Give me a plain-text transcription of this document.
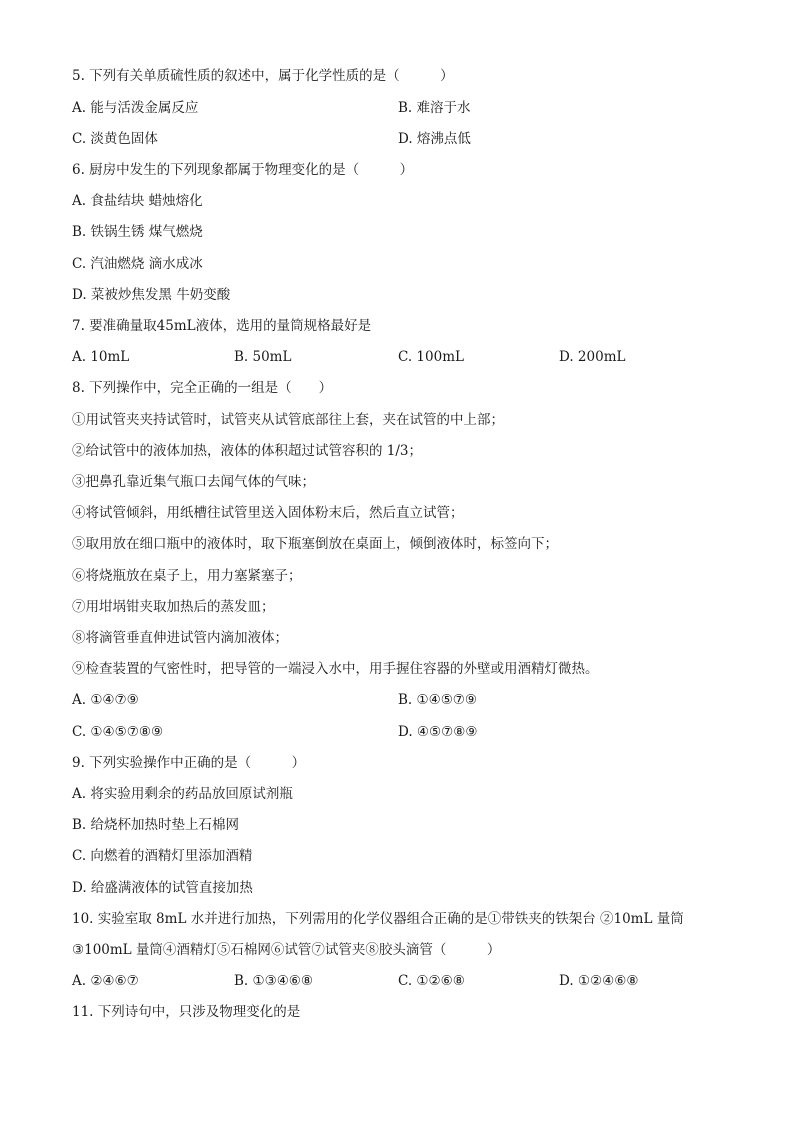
5. 下列有关单质硫性质的叙述中，属于化学性质的是（　　　）
A. 能与活泼金属反应	B. 难溶于水
C. 淡黄色固体	D. 熔沸点低
6. 厨房中发生的下列现象都属于物理变化的是（　　　）
A. 食盐结块 蜡烛熔化
B. 铁锅生锈 煤气燃烧
C. 汽油燃烧 滴水成冰
D. 菜被炒焦发黑 牛奶变酸
7. 要准确量取45mL液体，选用的量筒规格最好是
A. 10mL	B. 50mL	C. 100mL	D. 200mL
8. 下列操作中，完全正确的一组是（　　）
①用试管夹夹持试管时，试管夹从试管底部往上套，夹在试管的中上部；
②给试管中的液体加热，液体的体积超过试管容积的 1/3；
③把鼻孔靠近集气瓶口去闻气体的气味；
④将试管倾斜，用纸槽往试管里送入固体粉末后，然后直立试管；
⑤取用放在细口瓶中的液体时，取下瓶塞倒放在桌面上，倾倒液体时，标签向下；
⑥将烧瓶放在桌子上，用力塞紧塞子；
⑦用坩埚钳夹取加热后的蒸发皿；
⑧将滴管垂直伸进试管内滴加液体；
⑨检查装置的气密性时，把导管的一端浸入水中，用手握住容器的外壁或用酒精灯微热。
A. ①④⑦⑨	B. ①④⑤⑦⑨
C. ①④⑤⑦⑧⑨	D. ④⑤⑦⑧⑨
9. 下列实验操作中正确的是（　　　）
A. 将实验用剩余的药品放回原试剂瓶
B. 给烧杯加热时垫上石棉网
C. 向燃着的酒精灯里添加酒精
D. 给盛满液体的试管直接加热
10. 实验室取 8mL 水并进行加热，下列需用的化学仪器组合正确的是①带铁夹的铁架台 ②10mL 量筒
③100mL 量筒④酒精灯⑤石棉网⑥试管⑦试管夹⑧胶头滴管（　　　）
A. ②④⑥⑦	B. ①③④⑥⑧	C. ①②⑥⑧	D. ①②④⑥⑧
11. 下列诗句中，只涉及物理变化的是
